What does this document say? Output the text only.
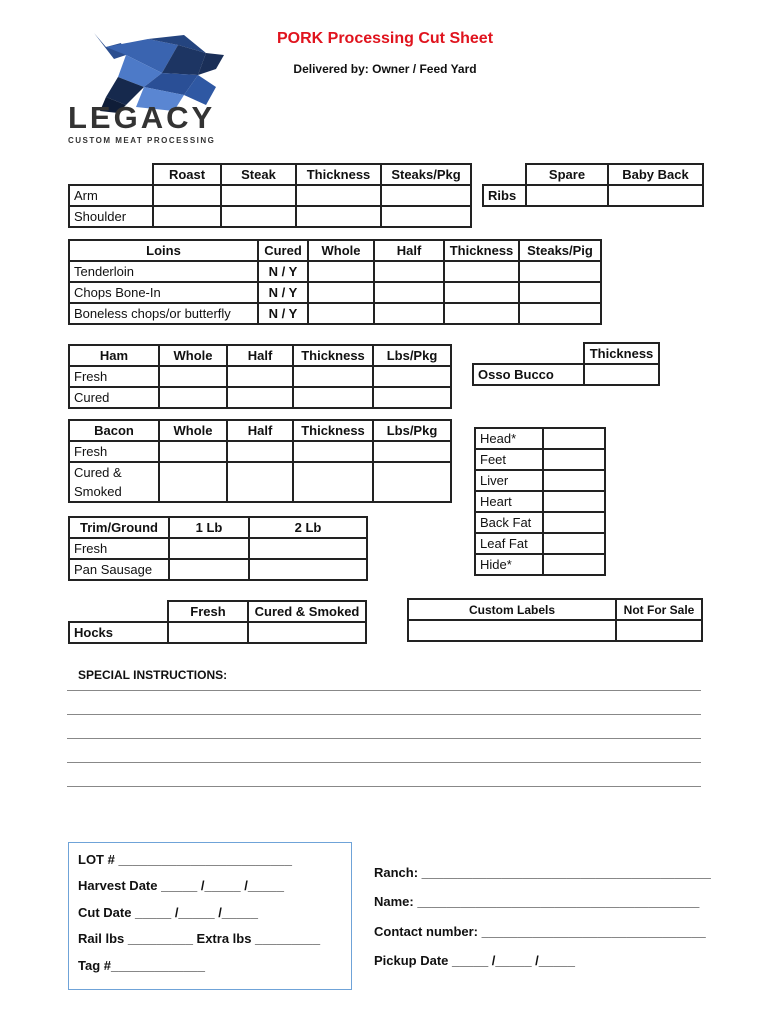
LEGACY
CUSTOM MEAT PROCESSING
PORK Processing Cut Sheet
Delivered by: Owner / Feed Yard
	Roast	Steak	Thickness	Steaks/Pkg
Arm				
Shoulder				
	Spare	Baby Back
Ribs		
Loins	Cured	Whole	Half	Thickness	Steaks/Pig
Tenderloin	N / Y				
Chops Bone-In	N / Y				
Boneless chops/or butterfly	N / Y				
Ham	Whole	Half	Thickness	Lbs/Pkg
Fresh				
Cured				
	Thickness
Osso Bucco	
Bacon	Whole	Half	Thickness	Lbs/Pkg
Fresh				
Cured &
Smoked				
Head*	
Feet	
Liver	
Heart	
Back Fat	
Leaf Fat	
Hide*	
Trim/Ground	1 Lb	2 Lb
Fresh		
Pan Sausage		
	Fresh	Cured & Smoked
Hocks		
Custom Labels	Not For Sale

SPECIAL INSTRUCTIONS:
LOT # ________________________
Harvest Date _____ /_____ /_____
Cut Date _____ /_____ /_____
Rail lbs _________ Extra lbs _________
Tag #_____________
Ranch: ________________________________________
Name: _______________________________________
Contact number: _______________________________
Pickup Date _____ /_____ /_____
